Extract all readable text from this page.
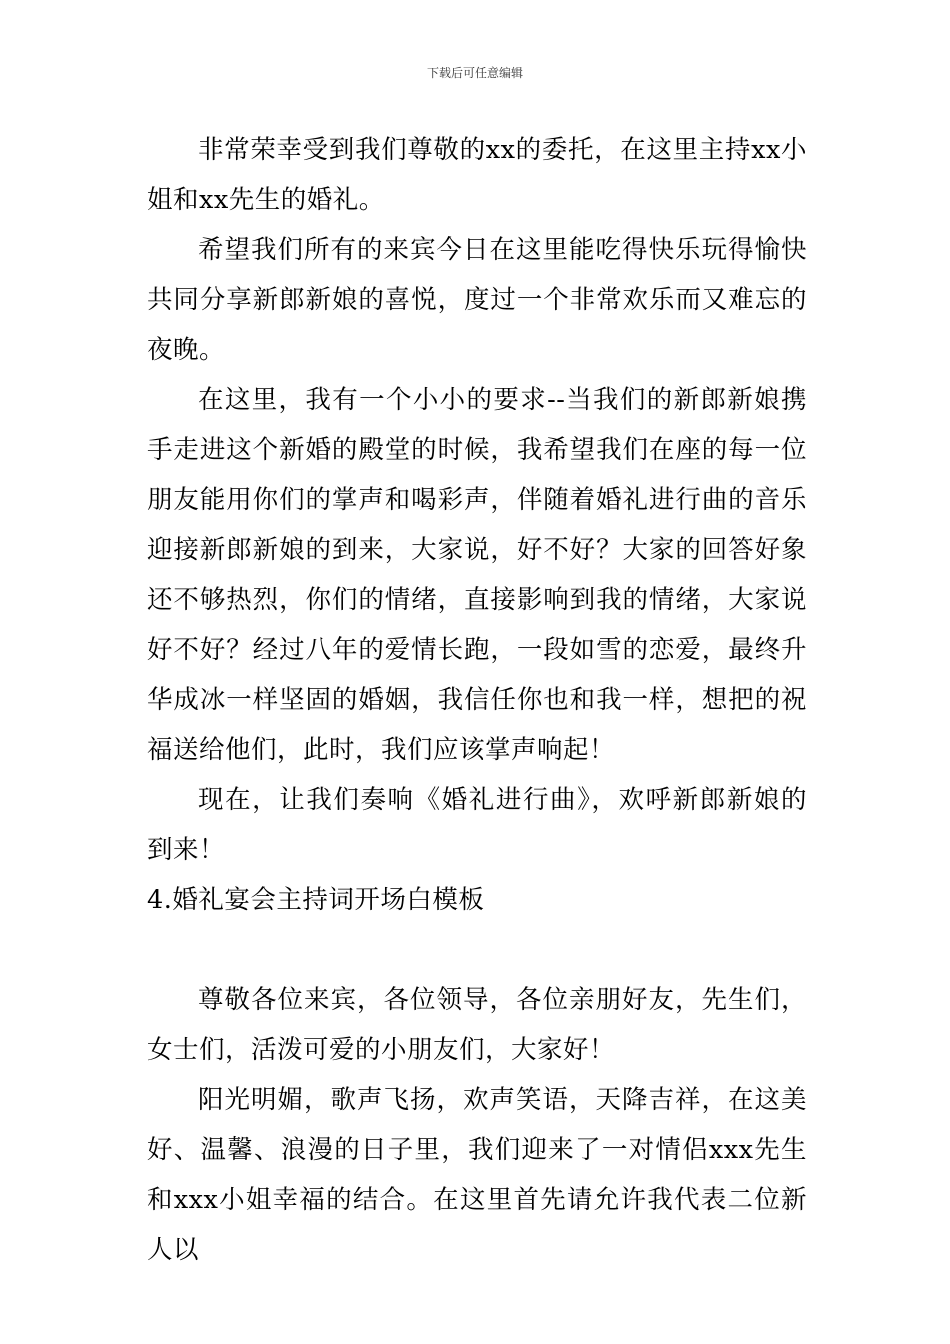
下载后可任意编辑

非常荣幸受到我们尊敬的xx的委托，在这里主持xx小姐和xx先生的婚礼。

希望我们所有的来宾今日在这里能吃得快乐玩得愉快共同分享新郎新娘的喜悦，度过一个非常欢乐而又难忘的夜晚。

在这里，我有一个小小的要求--当我们的新郎新娘携手走进这个新婚的殿堂的时候，我希望我们在座的每一位朋友能用你们的掌声和喝彩声，伴随着婚礼进行曲的音乐迎接新郎新娘的到来，大家说，好不好？大家的回答好象还不够热烈，你们的情绪，直接影响到我的情绪，大家说好不好？经过八年的爱情长跑，一段如雪的恋爱，最终升华成冰一样坚固的婚姻，我信任你也和我一样，想把的祝福送给他们，此时，我们应该掌声响起！

现在，让我们奏响《婚礼进行曲》，欢呼新郎新娘的到来！

4.婚礼宴会主持词开场白模板

尊敬各位来宾，各位领导，各位亲朋好友，先生们，女士们，活泼可爱的小朋友们，大家好！

阳光明媚，歌声飞扬，欢声笑语，天降吉祥，在这美好、温馨、浪漫的日子里，我们迎来了一对情侣xxx先生和xxx小姐幸福的结合。在这里首先请允许我代表二位新人以
